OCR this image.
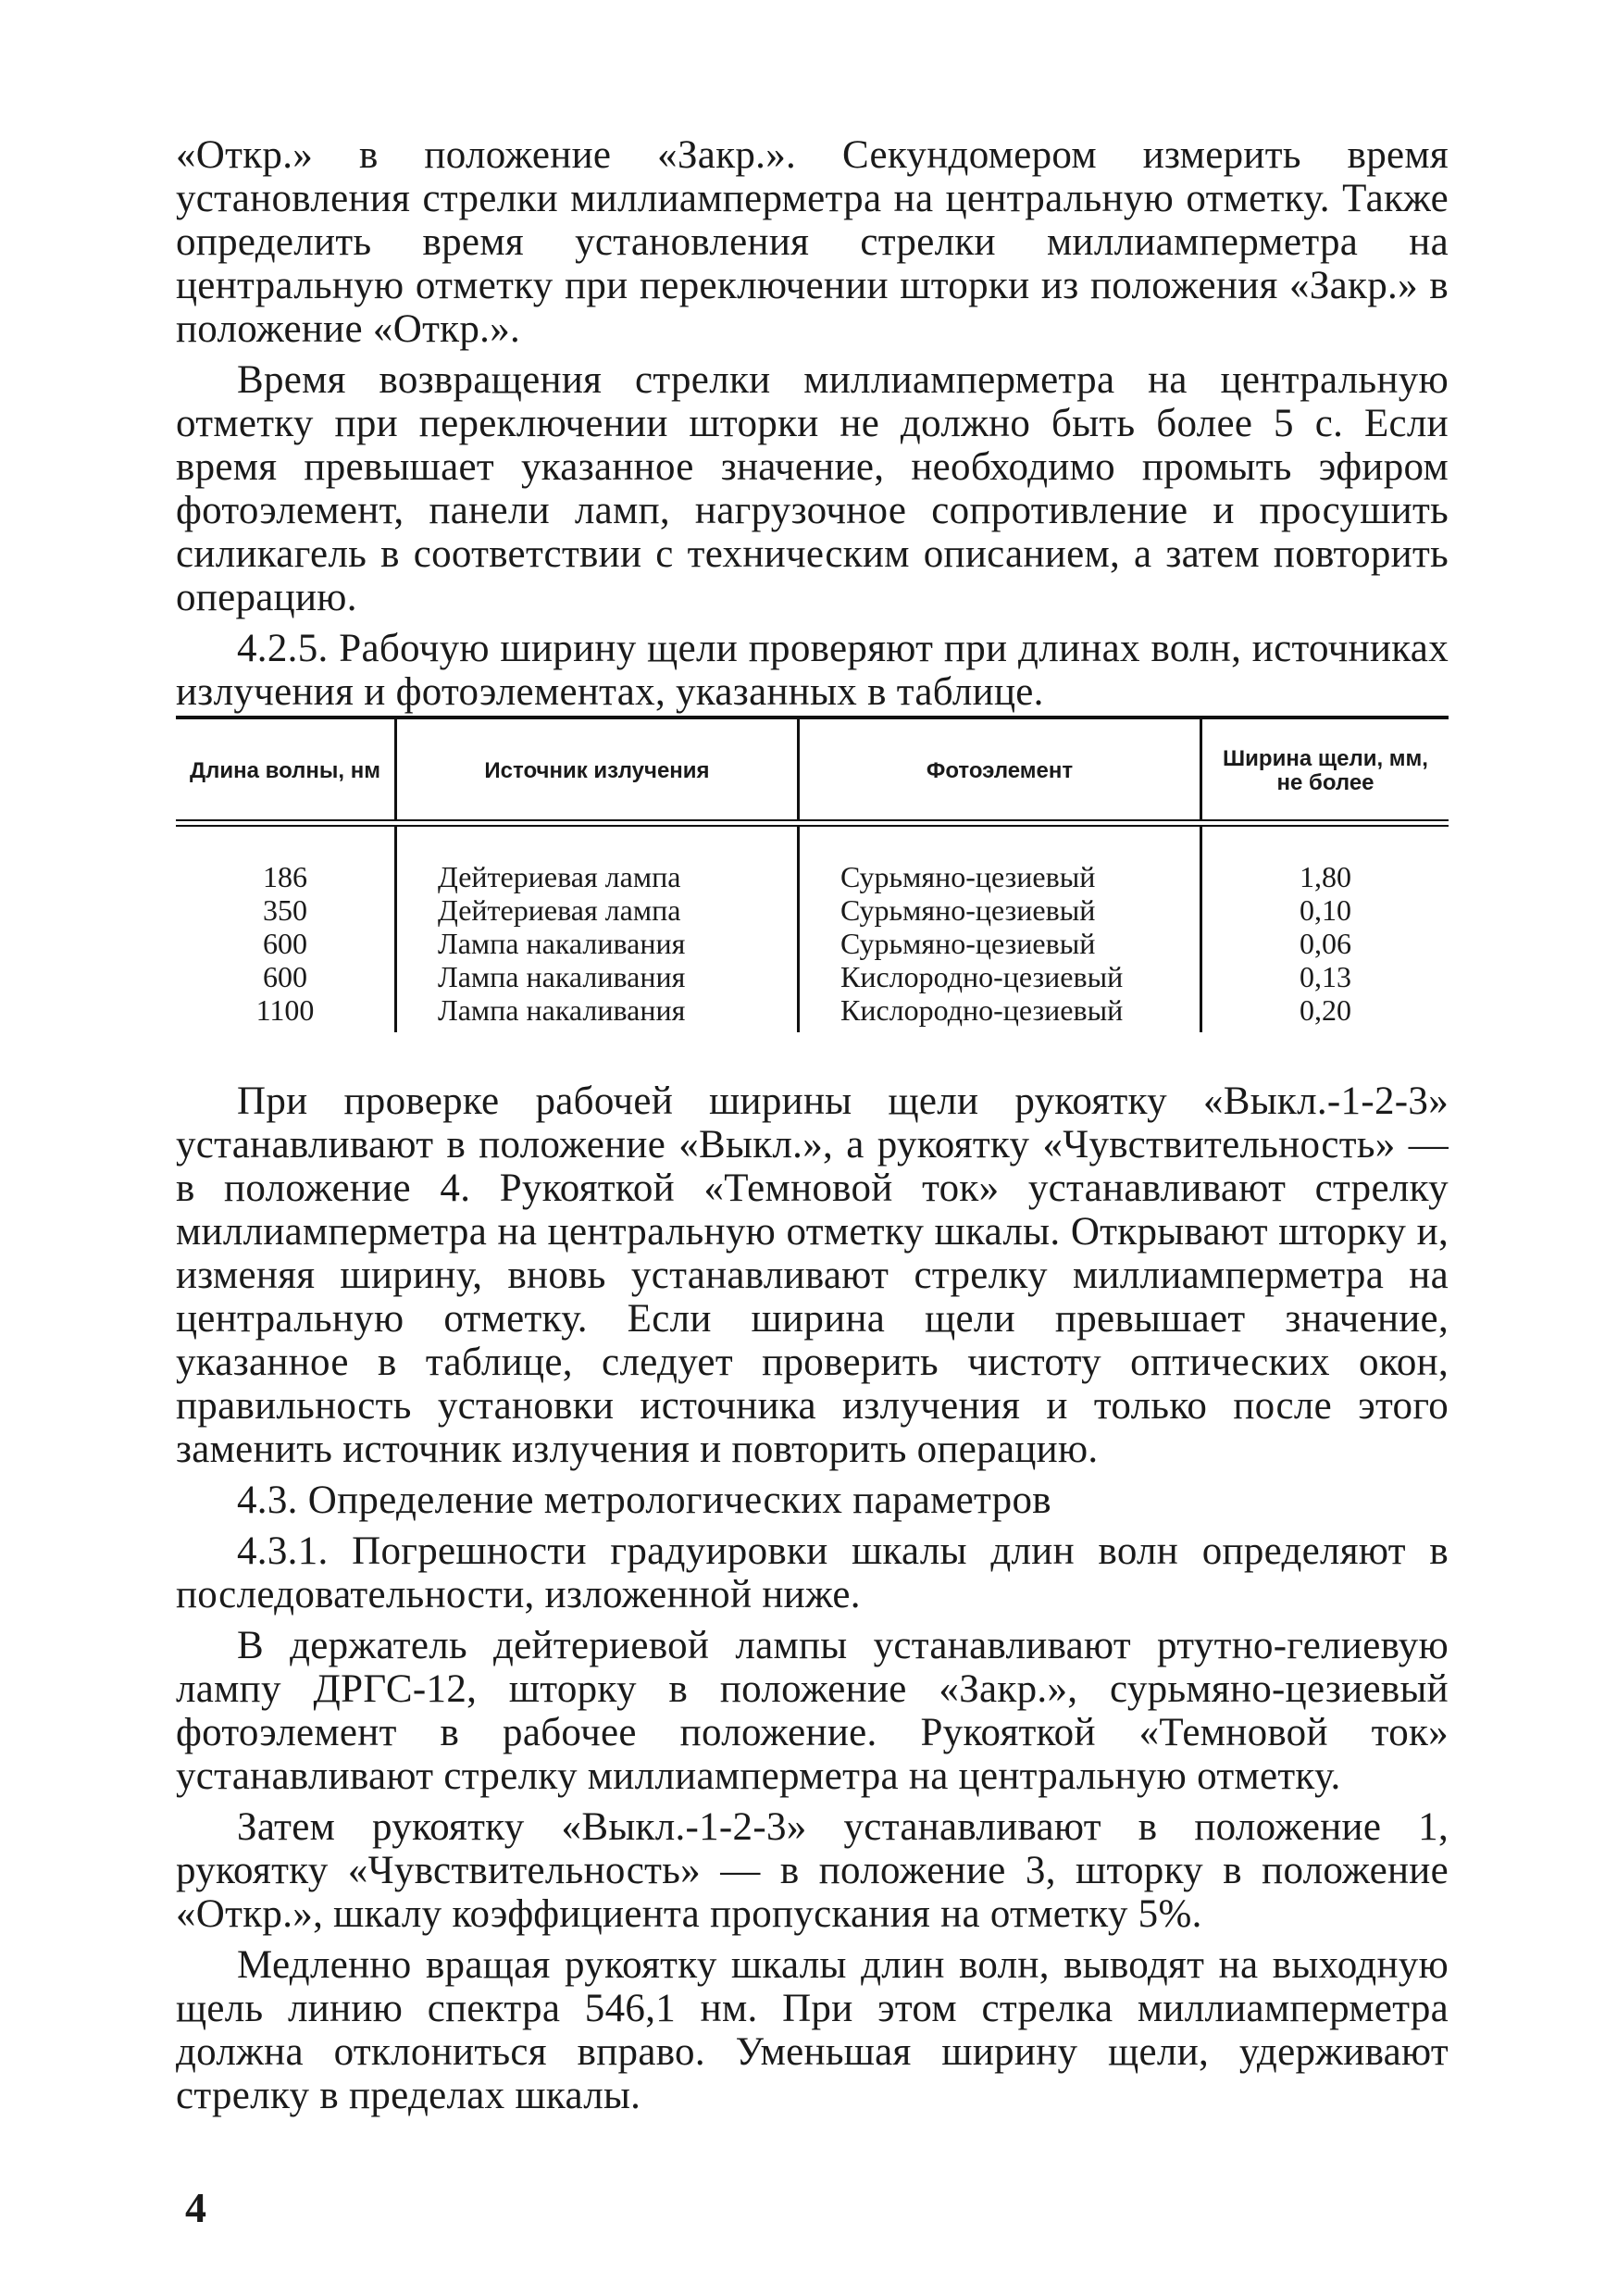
«Откр.» в положение «Закр.». Секундомером измерить время установления стрелки миллиамперметра на центральную отметку. Также определить время установления стрелки миллиамперметра на центральную отметку при переключении шторки из положения «Закр.» в положение «Откр.».

Время возвращения стрелки миллиамперметра на центральную отметку при переключении шторки не должно быть более 5 с. Если время превышает указанное значение, необходимо промыть эфиром фотоэлемент, панели ламп, нагрузочное сопротивление и просушить силикагель в соответствии с техническим описанием, а затем повторить операцию.

4.2.5. Рабочую ширину щели проверяют при длинах волн, источниках излучения и фотоэлементах, указанных в таблице.

Длина волны, нм	Источник излучения	Фотоэлемент	Ширина щели, мм, не более

186	Дейтериевая лампа	Сурьмяно-цезиевый	1,80
350	Дейтериевая лампа	Сурьмяно-цезиевый	0,10
600	Лампа накаливания	Сурьмяно-цезиевый	0,06
600	Лампа накаливания	Кислородно-цезиевый	0,13
1100	Лампа накаливания	Кислородно-цезиевый	0,20

При проверке рабочей ширины щели рукоятку «Выкл.-1-2-3» устанавливают в положение «Выкл.», а рукоятку «Чувствительность» — в положение 4. Рукояткой «Темновой ток» устанавливают стрелку миллиамперметра на центральную отметку шкалы. Открывают шторку и, изменяя ширину, вновь устанавливают стрелку миллиамперметра на центральную отметку. Если ширина щели превышает значение, указанное в таблице, следует проверить чистоту оптических окон, правильность установки источника излучения и только после этого заменить источник излучения и повторить операцию.

4.3. Определение метрологических параметров

4.3.1. Погрешности градуировки шкалы длин волн определяют в последовательности, изложенной ниже.

В держатель дейтериевой лампы устанавливают ртутно-гелиевую лампу ДРГС-12, шторку в положение «Закр.», сурьмяно-цезиевый фотоэлемент в рабочее положение. Рукояткой «Темновой ток» устанавливают стрелку миллиамперметра на центральную отметку.

Затем рукоятку «Выкл.-1-2-3» устанавливают в положение 1, рукоятку «Чувствительность» — в положение 3, шторку в положение «Откр.», шкалу коэффициента пропускания на отметку 5%.

Медленно вращая рукоятку шкалы длин волн, выводят на выходную щель линию спектра 546,1 нм. При этом стрелка миллиамперметра должна отклониться вправо. Уменьшая ширину щели, удерживают стрелку в пределах шкалы.

4
